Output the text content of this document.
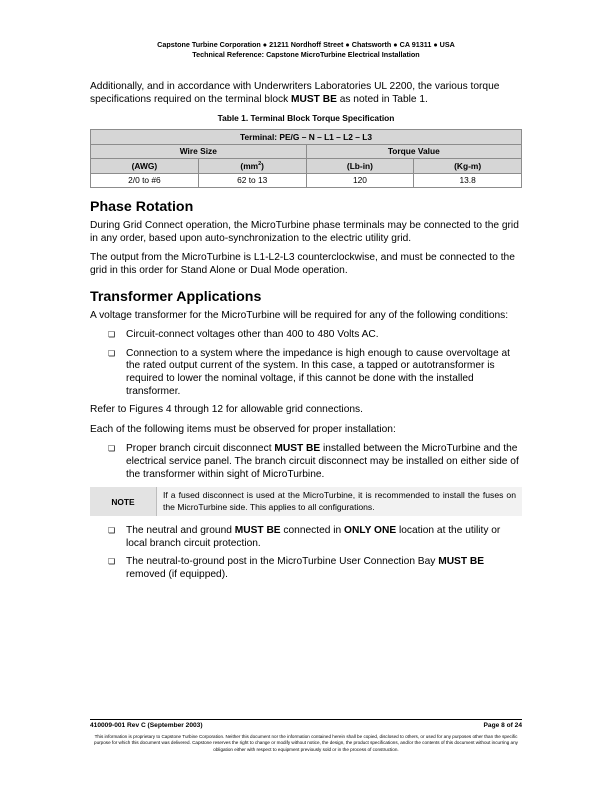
Capstone Turbine Corporation ● 21211 Nordhoff Street ● Chatsworth ● CA 91311 ● USA
Technical Reference: Capstone MicroTurbine Electrical Installation

Additionally, and in accordance with Underwriters Laboratories UL 2200, the various torque specifications required on the terminal block MUST BE as noted in Table 1.

Table 1. Terminal Block Torque Specification
Terminal: PE/G – N – L1 – L2 – L3			
Wire Size		Torque Value	
(AWG)	$(mm^2)$	(Lb-in)	(Kg-m)
2/0 to #6	62 to 13	120	13.8
Phase Rotation

During Grid Connect operation, the MicroTurbine phase terminals may be connected to the grid in any order, based upon auto-synchronization to the electric utility grid.

The output from the MicroTurbine is L1-L2-L3 counterclockwise, and must be connected to the grid in this order for Stand Alone or Dual Mode operation.

Transformer Applications

A voltage transformer for the MicroTurbine will be required for any of the following conditions:

❏ Circuit-connect voltages other than 400 to 480 Volts AC.
❏ Connection to a system where the impedance is high enough to cause overvoltage at the rated output current of the system. In this case, a tapped or autotransformer is required to lower the nominal voltage, if this cannot be done with the installed transformer.

Refer to Figures 4 through 12 for allowable grid connections.

Each of the following items must be observed for proper installation:

❏ Proper branch circuit disconnect MUST BE installed between the MicroTurbine and the electrical service panel. The branch circuit disconnect may be installed on either side of the transformer within sight of MicroTurbine.
NOTE
If a fused disconnect is used at the MicroTurbine, it is recommended to install the fuses on the MicroTurbine side. This applies to all configurations.
❏ The neutral and ground MUST BE connected in ONLY ONE location at the utility or local branch circuit protection.
❏ The neutral-to-ground post in the MicroTurbine User Connection Bay MUST BE removed (if equipped).
410009-001 Rev C (September 2003)	Page 8 of 24
This information is proprietary to Capstone Turbine Corporation. Neither this document nor the information contained herein shall be copied, disclosed to others, or used for any purposes other than the specific purpose for which this document was delivered. Capstone reserves the right to change or modify without notice, the design, the product specifications, and/or the contents of this document without incurring any obligation either with respect to equipment previously sold or in the process of construction.
